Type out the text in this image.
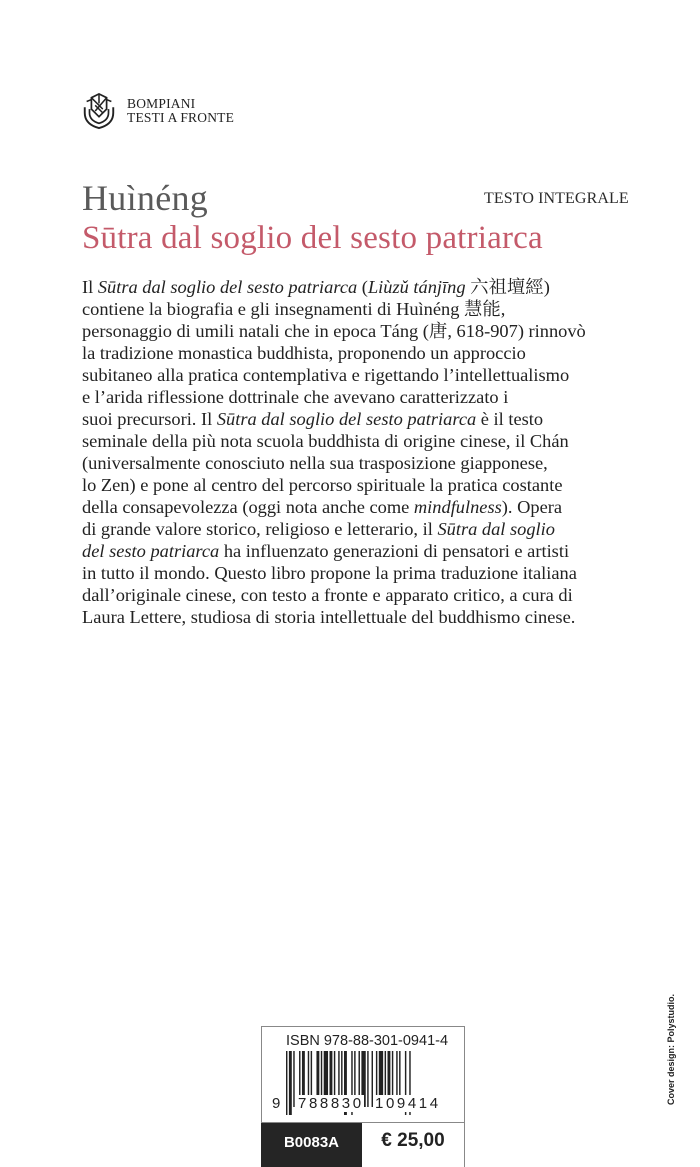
BOMPIANI
TESTI A FRONTE
Huìnéng	TESTO INTEGRALE
Sūtra dal soglio del sesto patriarca
Il Sūtra dal soglio del sesto patriarca (Liùzǔ tánjīng 六祖壇經)
contiene la biografia e gli insegnamenti di Huìnéng 慧能,
personaggio di umili natali che in epoca Táng (唐, 618-907) rinnovò
la tradizione monastica buddhista, proponendo un approccio
subitaneo alla pratica contemplativa e rigettando l’intellettualismo
e l’arida riflessione dottrinale che avevano caratterizzato i
suoi precursori. Il Sūtra dal soglio del sesto patriarca è il testo
seminale della più nota scuola buddhista di origine cinese, il Chán
(universalmente conosciuto nella sua trasposizione giapponese,
lo Zen) e pone al centro del percorso spirituale la pratica costante
della consapevolezza (oggi nota anche come mindfulness). Opera
di grande valore storico, religioso e letterario, il Sūtra dal soglio
del sesto patriarca ha influenzato generazioni di pensatori e artisti
in tutto il mondo. Questo libro propone la prima traduzione italiana
dall’originale cinese, con testo a fronte e apparato critico, a cura di
Laura Lettere, studiosa di storia intellettuale del buddhismo cinese.
Cover design: Polystudio.
ISBN 978-88-301-0941-4
9 788830 109414
B0083A	€ 25,00
